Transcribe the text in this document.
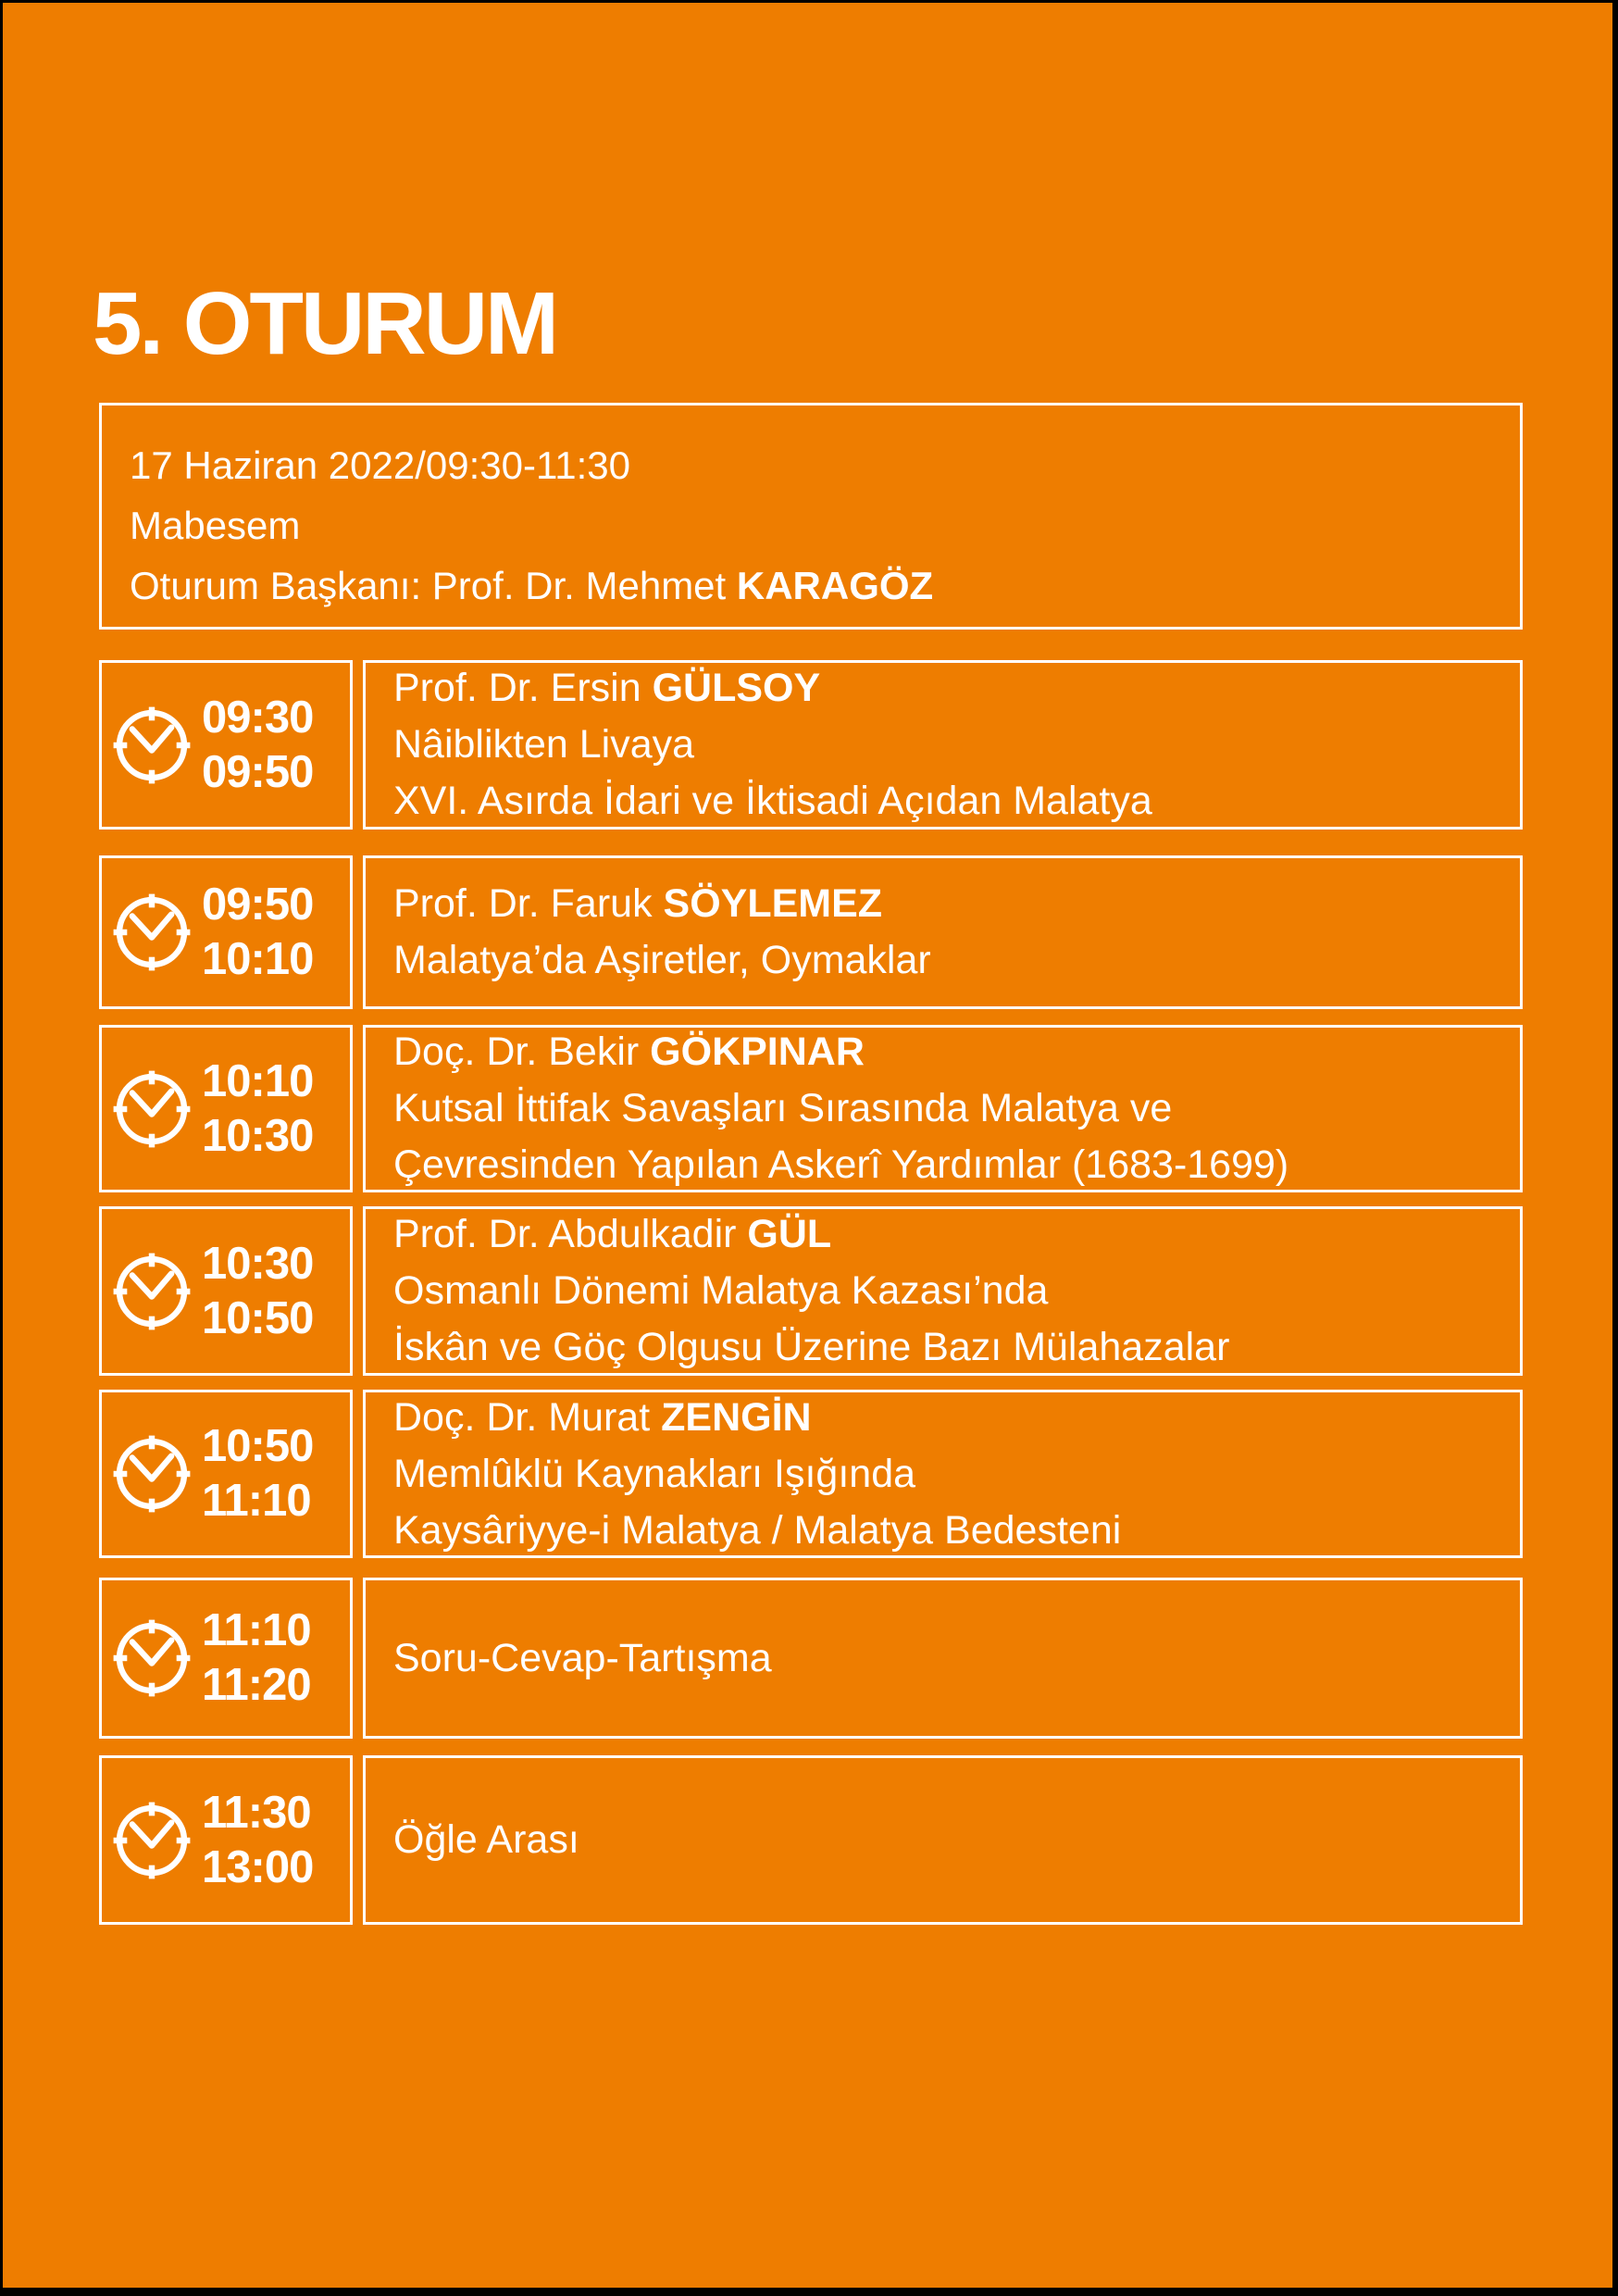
5. OTURUM
17 Haziran 2022/09:30-11:30
Mabesem
Oturum Başkanı: Prof. Dr. Mehmet KARAGÖZ
09:30
09:50
Prof. Dr. Ersin GÜLSOY
Nâiblikten Livaya
XVI. Asırda İdari ve İktisadi Açıdan Malatya
09:50
10:10
Prof. Dr. Faruk SÖYLEMEZ
Malatya’da Aşiretler, Oymaklar
10:10
10:30
Doç. Dr. Bekir GÖKPINAR
Kutsal İttifak Savaşları Sırasında Malatya ve
Çevresinden Yapılan Askerî Yardımlar (1683-1699)
10:30
10:50
Prof. Dr. Abdulkadir GÜL
Osmanlı Dönemi Malatya Kazası’nda
İskân ve Göç Olgusu Üzerine Bazı Mülahazalar
10:50
11:10
Doç. Dr. Murat ZENGİN
Memlûklü Kaynakları Işığında
Kaysâriyye-i Malatya / Malatya Bedesteni
11:10
11:20
Soru-Cevap-Tartışma
11:30
13:00
Öğle Arası
